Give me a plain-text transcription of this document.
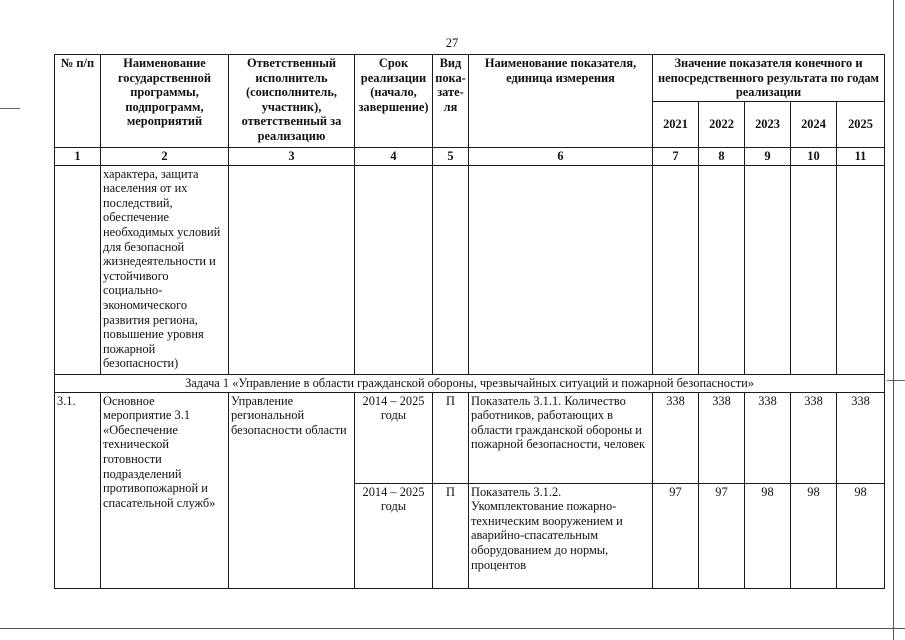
27
№ п/п	Наименование государственной программы, подпрограмм, мероприятий	Ответственный исполнитель (соисполнитель, участник), ответственный за реализацию	Срок реализации (начало, завершение)	Вид пока-зате-ля	Наименование показателя, единица измерения	Значение показателя конечного и непосредственного результата по годам реализации				
						2021	2022	2023	2024	2025
1	2	3	4	5	6	7	8	9	10	11
	характера, защита населения от их последствий, обеспечение необходимых условий для безопасной жизнедеятельности и устойчивого социально-экономического развития региона, повышение уровня пожарной безопасности)									
Задача 1 «Управление в области гражданской обороны, чрезвычайных ситуаций и пожарной безопасности»										
3.1.	Основное мероприятие 3.1 «Обеспечение технической готовности подразделений противопожарной и спасательной служб»	Управление региональной безопасности области	2014 – 2025 годы	П	Показатель 3.1.1. Количество работников, работающих в области гражданской обороны и пожарной безопасности, человек	338	338	338	338	338
			2014 – 2025 годы	П	Показатель 3.1.2. Укомплектование пожарно-техническим вооружением и аварийно-спасательным оборудованием до нормы, процентов	97	97	98	98	98
